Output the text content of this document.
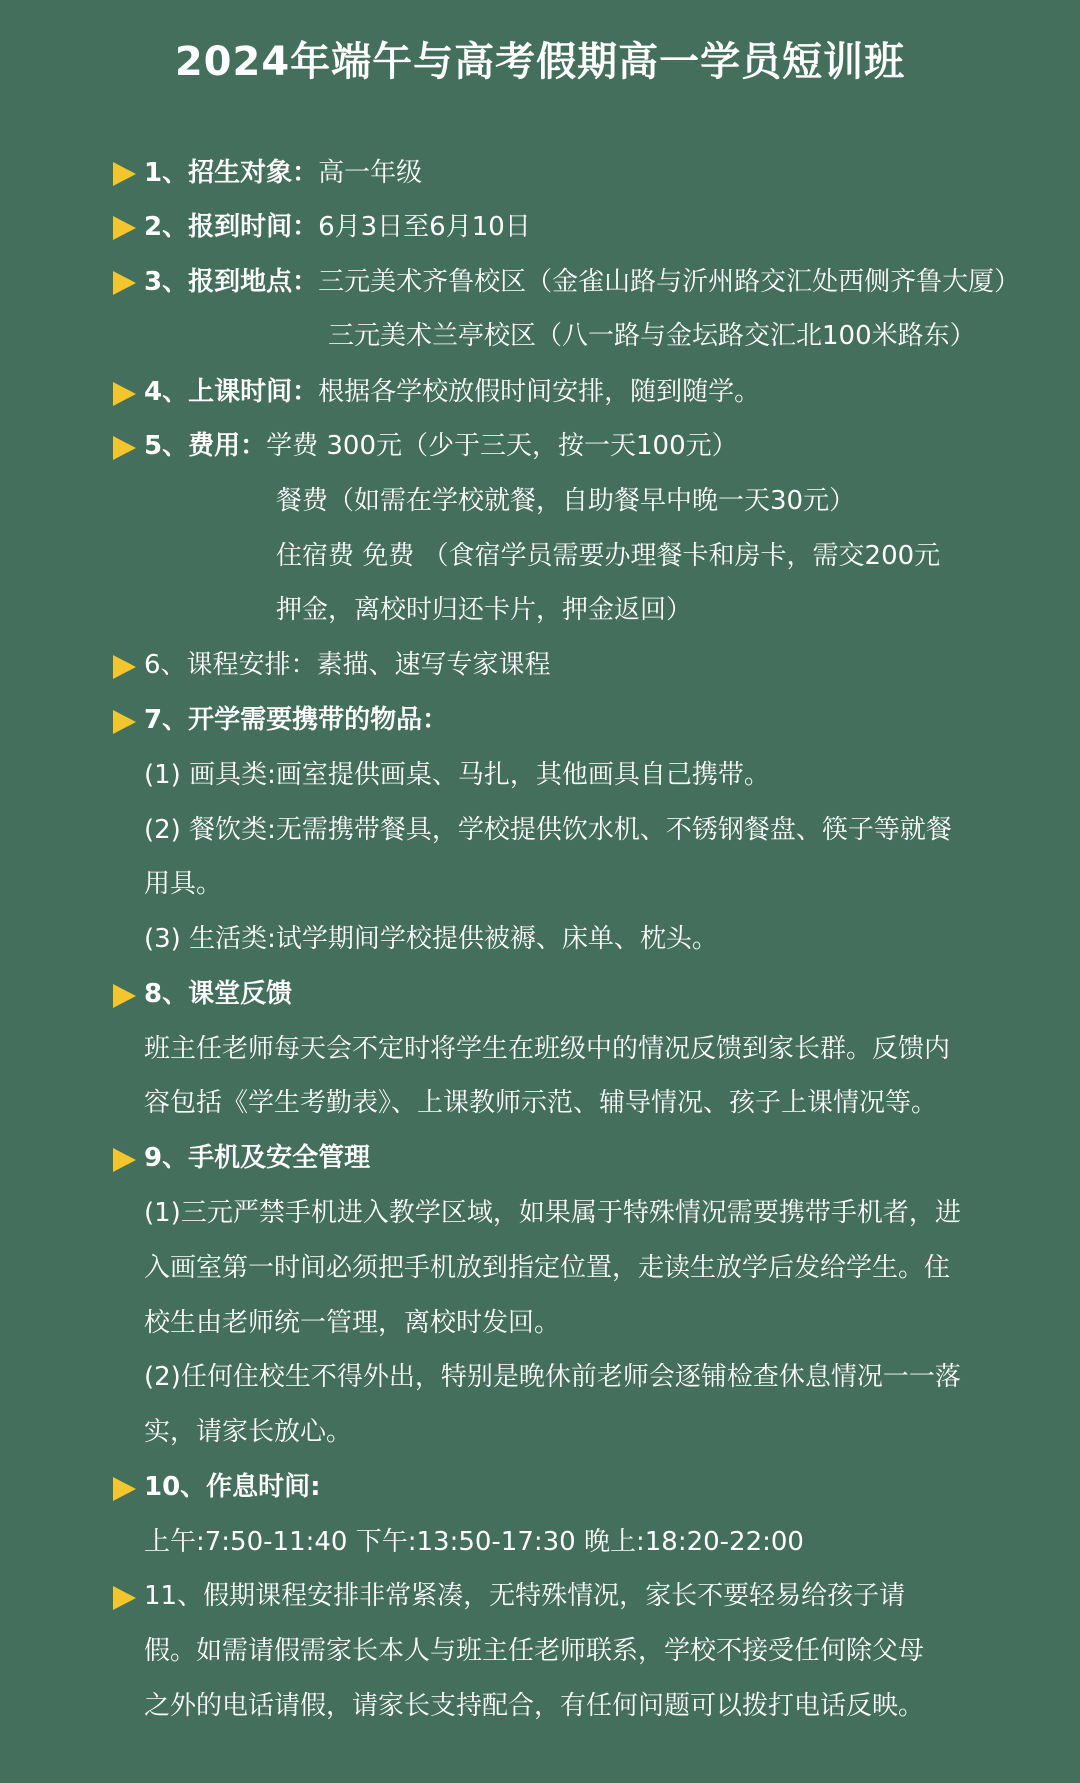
2024年端午与高考假期高一学员短训班
1、招生对象：高一年级
2、报到时间：6月3日至6月10日
3、报到地点：三元美术齐鲁校区（金雀山路与沂州路交汇处西侧齐鲁大厦）
三元美术兰亭校区（八一路与金坛路交汇北100米路东）
4、上课时间：根据各学校放假时间安排，随到随学。
5、费用：学费 300元（少于三天，按一天100元）
餐费（如需在学校就餐，自助餐早中晚一天30元）
住宿费 免费 （食宿学员需要办理餐卡和房卡，需交200元
押金，离校时归还卡片，押金返回）
6、课程安排：素描、速写专家课程
7、开学需要携带的物品：
(1) 画具类:画室提供画桌、马扎，其他画具自己携带。
(2) 餐饮类:无需携带餐具，学校提供饮水机、不锈钢餐盘、筷子等就餐
用具。
(3) 生活类:试学期间学校提供被褥、床单、枕头。
8、课堂反馈
班主任老师每天会不定时将学生在班级中的情况反馈到家长群。反馈内
容包括《学生考勤表》、上课教师示范、辅导情况、孩子上课情况等。
9、手机及安全管理
(1)三元严禁手机进入教学区域，如果属于特殊情况需要携带手机者，进
入画室第一时间必须把手机放到指定位置，走读生放学后发给学生。住
校生由老师统一管理，离校时发回。
(2)任何住校生不得外出，特别是晚休前老师会逐铺检查休息情况一一落
实，请家长放心。
10、作息时间:
上午:7:50-11:40 下午:13:50-17:30 晚上:18:20-22:00
11、假期课程安排非常紧凑，无特殊情况，家长不要轻易给孩子请
假。如需请假需家长本人与班主任老师联系，学校不接受任何除父母
之外的电话请假，请家长支持配合，有任何问题可以拨打电话反映。
